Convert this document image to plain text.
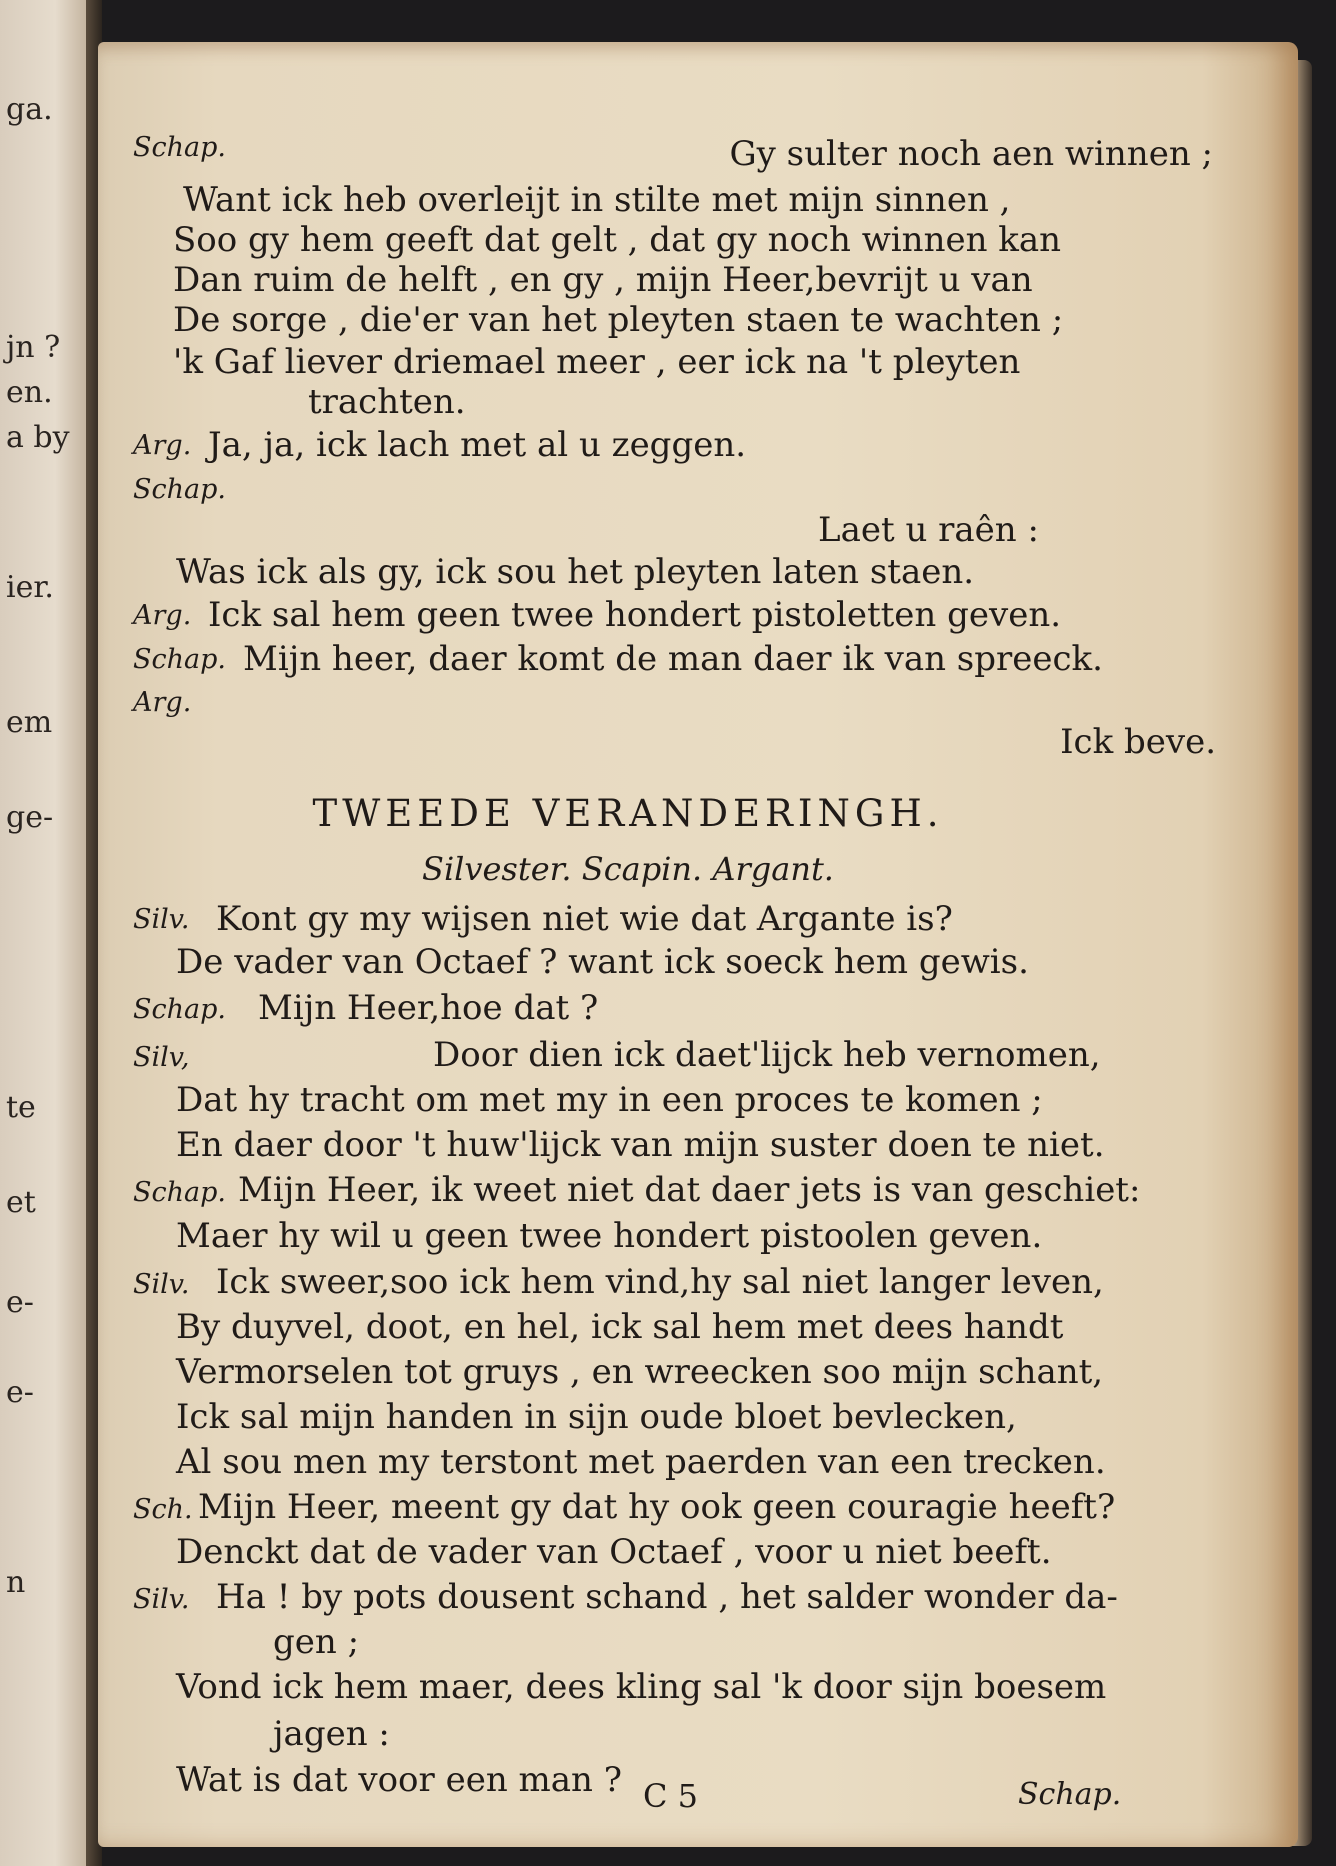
ga.
jn ?
en.
a by
ier.
em
ge-
te
et
e-
e-
n
Schap.	Gy sulter noch aen winnen ;
Want ick heb overleijt in stilte met mijn sinnen ,
Soo gy hem geeft dat gelt , dat gy noch winnen kan
Dan ruim de helft , en gy , mijn Heer,bevrijt u van
De sorge , die'er van het pleyten staen te wachten ;
'k Gaf liever driemael meer , eer ick na 't pleyten
trachten.
Arg. Ja, ja, ick lach met al u zeggen.
Schap.
Laet u raên :
Was ick als gy, ick sou het pleyten laten staen.
Arg. Ick sal hem geen twee hondert pistoletten geven.
Schap. Mijn heer, daer komt de man daer ik van spreeck.
Arg.
Ick beve.
TWEEDE VERANDERINGH.
Silvester. Scapin. Argant.
Silv. Kont gy my wijsen niet wie dat Argante is?
De vader van Octaef ? want ick soeck hem gewis.
Schap. Mijn Heer,hoe dat ?
Silv,	Door dien ick daet'lijck heb vernomen,
Dat hy tracht om met my in een proces te komen ;
En daer door 't huw'lijck van mijn suster doen te niet.
Schap. Mijn Heer, ik weet niet dat daer jets is van geschiet:
Maer hy wil u geen twee hondert pistoolen geven.
Silv. Ick sweer,soo ick hem vind,hy sal niet langer leven,
By duyvel, doot, en hel, ick sal hem met dees handt
Vermorselen tot gruys , en wreecken soo mijn schant,
Ick sal mijn handen in sijn oude bloet bevlecken,
Al sou men my terstont met paerden van een trecken.
Sch. Mijn Heer, meent gy dat hy ook geen couragie heeft?
Denckt dat de vader van Octaef , voor u niet beeft.
Silv. Ha ! by pots dousent schand , het salder wonder da-
gen ;
Vond ick hem maer, dees kling sal 'k door sijn boesem
jagen :
Wat is dat voor een man ? C 5	Schap.
